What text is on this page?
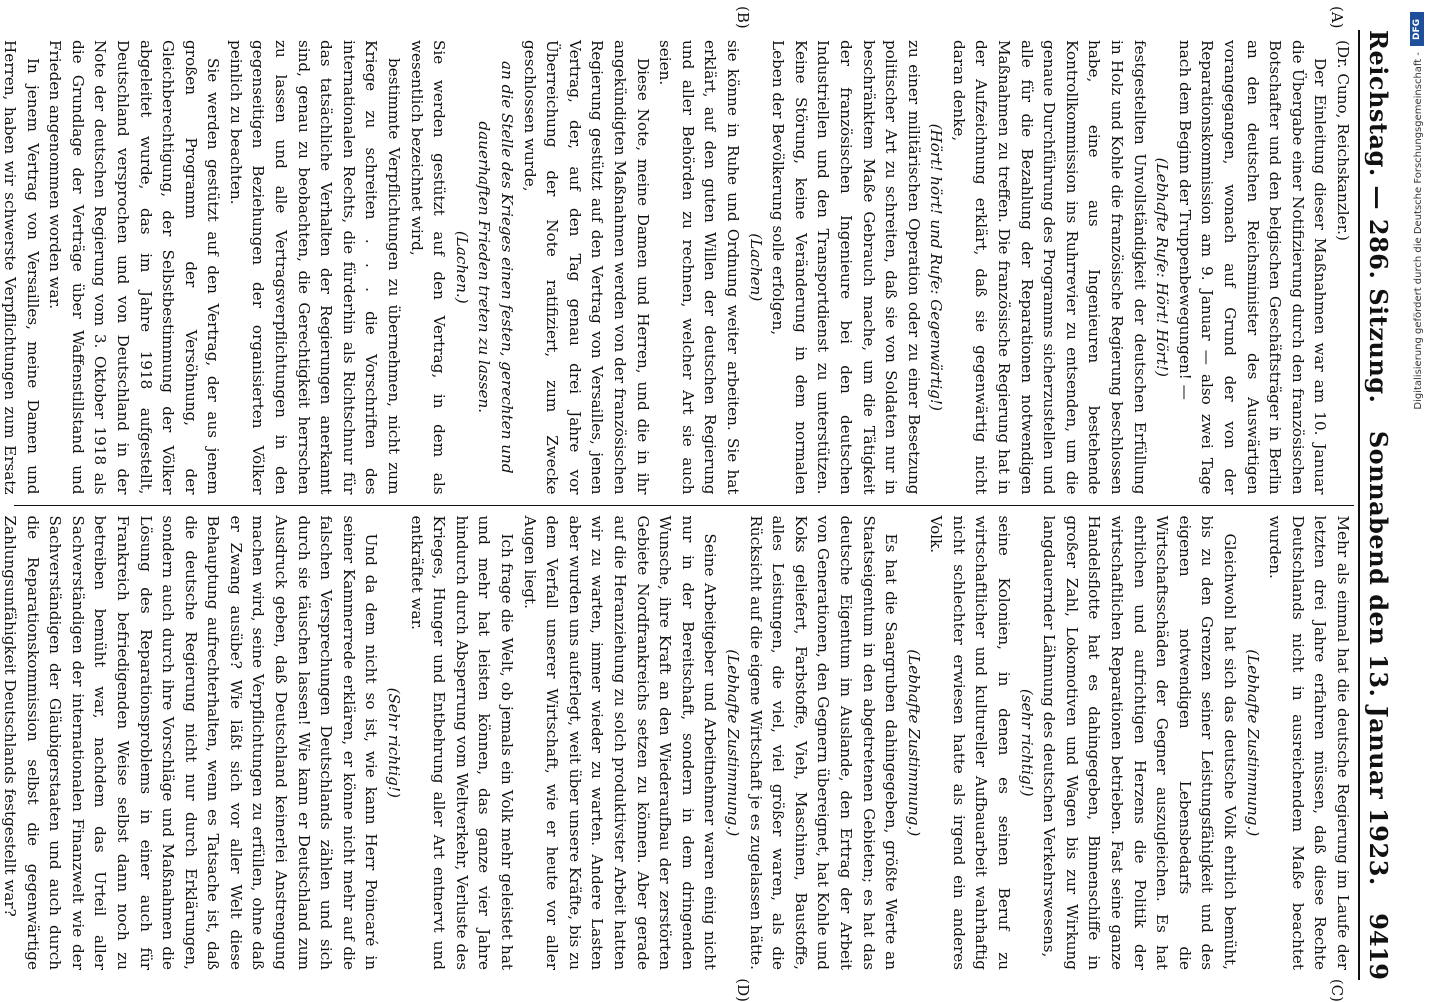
Reichstag. — 286. Sitzung.
Sonnabend den 13. Januar 1923.
9419
(A)
(B)

(Dr. Cuno, Reichskanzler.)

Der Einleitung dieser Maßnahmen war am 10. Januar die Übergabe einer Notifizierung durch den französischen Botschafter und den belgischen Geschäftsträger in Berlin an den deutschen Reichsminister des Auswärtigen vorangegangen, wonach auf Grund der von der Reparationskommission am 9. Januar — also zwei Tage nach dem Beginn der Truppenbewegungen! —

(Lebhafte Rufe: Hört! Hört!)

festgestellten Unvollständigkeit der deutschen Erfüllung in Holz und Kohle die französische Regierung beschlossen habe, eine aus Ingenieuren bestehende Kontrollkommission ins Ruhrrevier zu entsenden, um die genaue Durchführung des Programms sicherzustellen und alle für die Bezahlung der Reparationen notwendigen Maßnahmen zu treffen. Die französische Regierung hat in der Aufzeichnung erklärt, daß sie gegenwärtig nicht daran denke,

(Hört! hört! und Rufe: Gegenwärtig!)

zu einer militärischen Operation oder zu einer Besetzung politischer Art zu schreiten, daß sie von Soldaten nur in beschränktem Maße Gebrauch mache, um die Tätigkeit der französischen Ingenieure bei den deutschen Industriellen und den Transportdienst zu unterstützen. Keine Störung, keine Veränderung in dem normalen Leben der Bevölkerung solle erfolgen,

(Lachen)

sie könne in Ruhe und Ordnung weiter arbeiten. Sie hat erklärt, auf den guten Willen der deutschen Regierung und aller Behörden zu rechnen, welcher Art sie auch seien.

Diese Note, meine Damen und Herren, und die in ihr angekündigten Maßnahmen werden von der französischen Regierung gestützt auf den Vertrag von Versailles, jenen Vertrag, der, auf den Tag genau drei Jahre vor Überreichung der Note ratifiziert, zum Zwecke geschlossen wurde,

an die Stelle des Krieges einen festen, gerechten und dauerhaften Frieden treten zu lassen.

(Lachen.)

Sie werden gestützt auf den Vertrag, in dem als wesentlich bezeichnet wird,

bestimmte Verpflichtungen zu übernehmen, nicht zum Kriege zu schreiten . . . die Vorschriften des internationalen Rechts, die fürderhin als Richtschnur für das tatsächliche Verhalten der Regierungen anerkannt sind, genau zu beobachten, die Gerechtigkeit herrschen zu lassen und alle Vertragsverpflichtungen in den gegenseitigen Beziehungen der organisierten Völker peinlich zu beachten.

Sie werden gestützt auf den Vertrag, der aus jenem großen Programm der Versöhnung, der Gleichberechtigung, der Selbstbestimmung der Völker abgeleitet wurde, das im Jahre 1918 aufgestellt, Deutschland versprochen und von Deutschland in der Note der deutschen Regierung vom 3. Oktober 1918 als die Grundlage der Verträge über Waffenstillstand und Frieden angenommen worden war.

In jenem Vertrag von Versailles, meine Damen und Herren, haben wir schwerste Verpflichtungen zum Ersatz

(C)
(D)

Mehr als einmal hat die deutsche Regierung im Laufe der letzten drei Jahre erfahren müssen, daß diese Rechte Deutschlands nicht in ausreichendem Maße beachtet wurden.

(Lebhafte Zustimmung.)

Gleichwohl hat sich das deutsche Volk ehrlich bemüht, bis zu den Grenzen seiner Leistungsfähigkeit und des eigenen notwendigen Lebensbedarfs die Wirtschaftsschäden der Gegner auszugleichen. Es hat ehrlichen und aufrichtigen Herzens die Politik der wirtschaftlichen Reparationen betrieben. Fast seine ganze Handelsflotte hat es dahingegeben, Binnenschiffe in großer Zahl, Lokomotiven und Wagen bis zur Wirkung langdauernder Lähmung des deutschen Verkehrswesens,

(sehr richtig!)

seine Kolonien, in denen es seinen Beruf zu wirtschaftlicher und kultureller Aufbauarbeit wahrhaftig nicht schlechter erwiesen hatte als irgend ein anderes Volk.

(Lebhafte Zustimmung.)

Es hat die Saargruben dahingegeben, größte Werte an Staatseigentum in den abgetretenen Gebieten; es hat das deutsche Eigentum im Auslande, den Ertrag der Arbeit von Generationen, den Gegnern übereignet, hat Kohle und Koks geliefert, Farbstoffe, Vieh, Maschinen, Baustoffe, alles Leistungen, die viel, viel größer waren, als die Rücksicht auf die eigene Wirtschaft je es zugelassen hätte.

(Lebhafte Zustimmung.)

Seine Arbeitgeber und Arbeitnehmer waren einig nicht nur in der Bereitschaft, sondern in dem dringenden Wunsche, ihre Kraft an den Wiederaufbau der zerstörten Gebiete Nordfrankreichs setzen zu können. Aber gerade auf die Heranziehung zu solch produktivster Arbeit hatten wir zu warten, immer wieder zu warten. Andere Lasten aber wurden uns auferlegt, weit über unsere Kräfte, bis zu dem Verfall unserer Wirtschaft, wie er heute vor aller Augen liegt.

Ich frage die Welt, ob jemals ein Volk mehr geleistet hat und mehr hat leisten können, das ganze vier Jahre hindurch durch Absperrung vom Weltverkehr, Verluste des Krieges, Hunger und Entbehrung aller Art entnervt und entkräftet war.

(Sehr richtig!)

Und da dem nicht so ist, wie kann Herr Poincaré in seiner Kammerrede erklären, er könne nicht mehr auf die falschen Versprechungen Deutschlands zählen und sich durch sie täuschen lassen! Wie kann er Deutschland zum Ausdruck geben, daß Deutschland keinerlei Anstrengung machen wird, seine Verpflichtungen zu erfüllen, ohne daß er Zwang ausübe? Wie läßt sich vor aller Welt diese Behauptung aufrechterhalten, wenn es Tatsache ist, daß die deutsche Regierung nicht nur durch Erklärungen, sondern auch durch ihre Vorschläge und Maßnahmen die Lösung des Reparationsproblems in einer auch für Frankreich befriedigenden Weise selbst dann noch zu betreiben bemüht war, nachdem das Urteil aller Sachverständigen der internationalen Finanzwelt wie der Sachverständigen der Gläubigerstaaten und auch durch die Reparationskommission selbst die gegenwärtige Zahlungsunfähigkeit Deutschlands festgestellt war?

DFG
Digitalisierung gefördert durch die Deutsche Forschungsgemeinschaft -
